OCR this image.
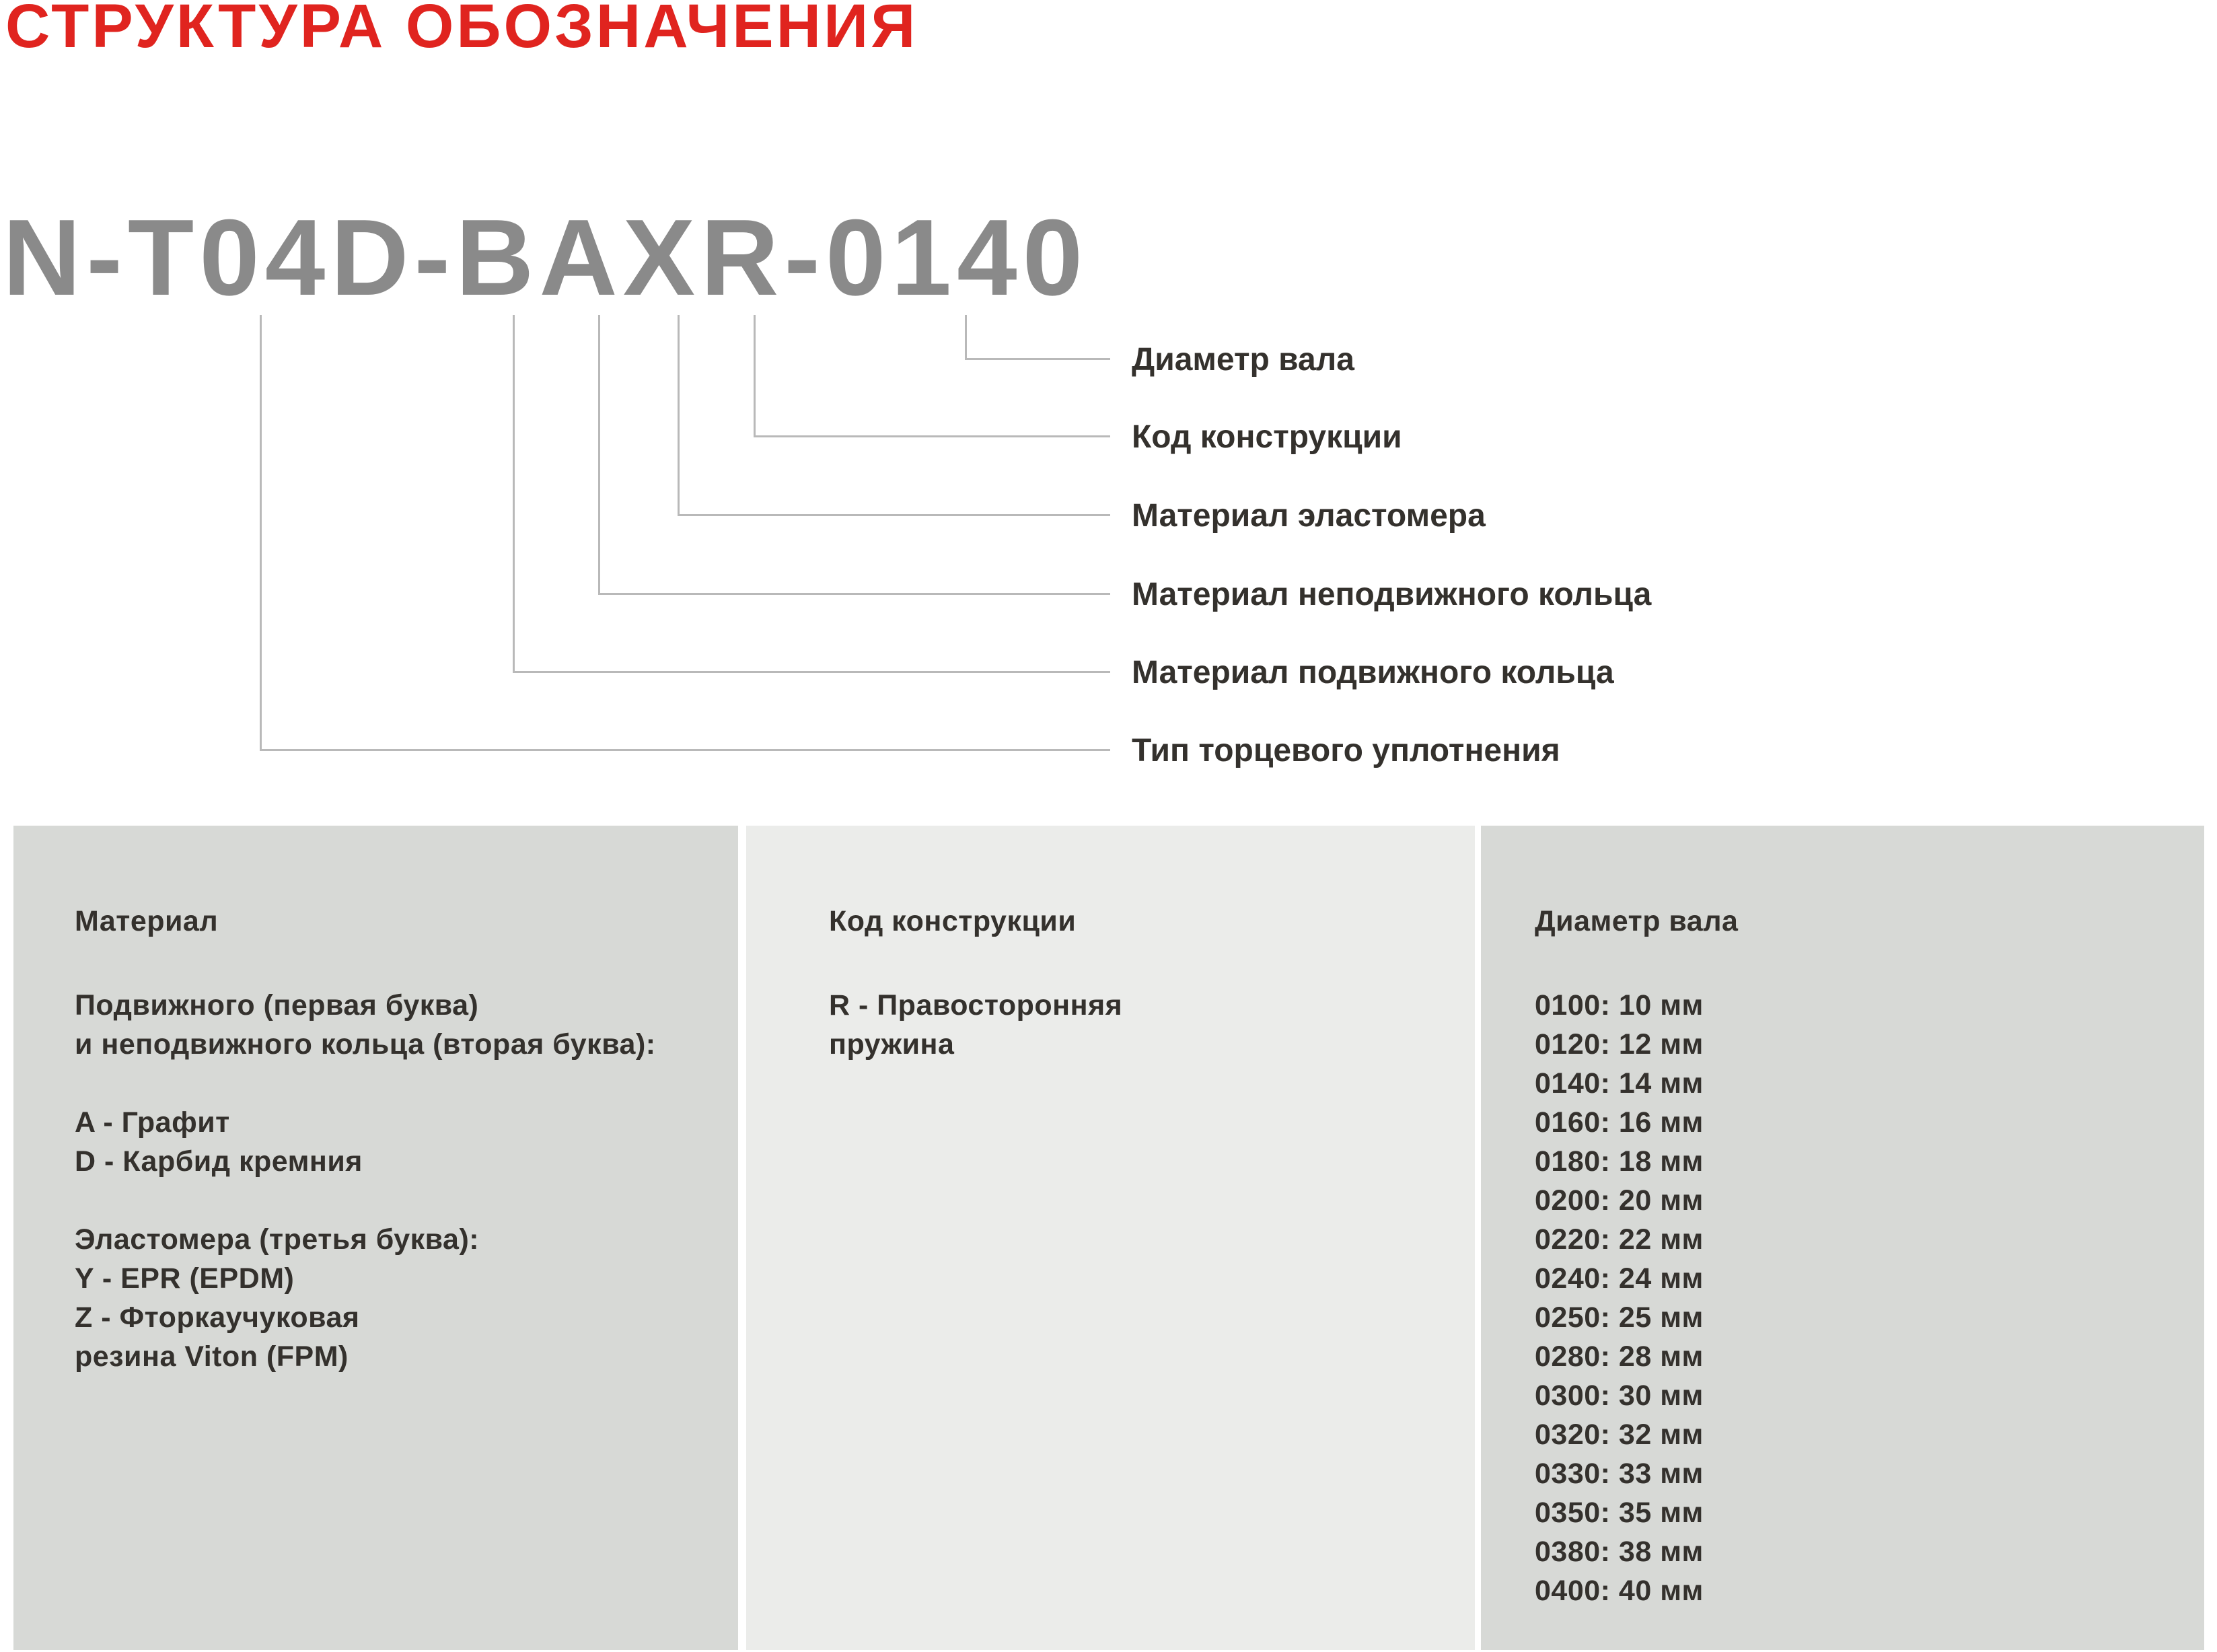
СТРУКТУРА ОБОЗНАЧЕНИЯ
N-T04D-BAXR-0140
Диаметр вала
Код конструкции
Материал эластомера
Материал неподвижного кольца
Материал подвижного кольца
Тип торцевого уплотнения
Материал
Подвижного (первая буква)
и неподвижного кольца (вторая буква):
A - Графит
D - Карбид кремния
Эластомера (третья буква):
Y - EPR (EPDM)
Z - Фторкаучуковая
резина Viton (FPM)
Код конструкции
R - Правосторонняя
пружина
Диаметр вала
0100: 10 мм
0120: 12 мм
0140: 14 мм
0160: 16 мм
0180: 18 мм
0200: 20 мм
0220: 22 мм
0240: 24 мм
0250: 25 мм
0280: 28 мм
0300: 30 мм
0320: 32 мм
0330: 33 мм
0350: 35 мм
0380: 38 мм
0400: 40 мм
